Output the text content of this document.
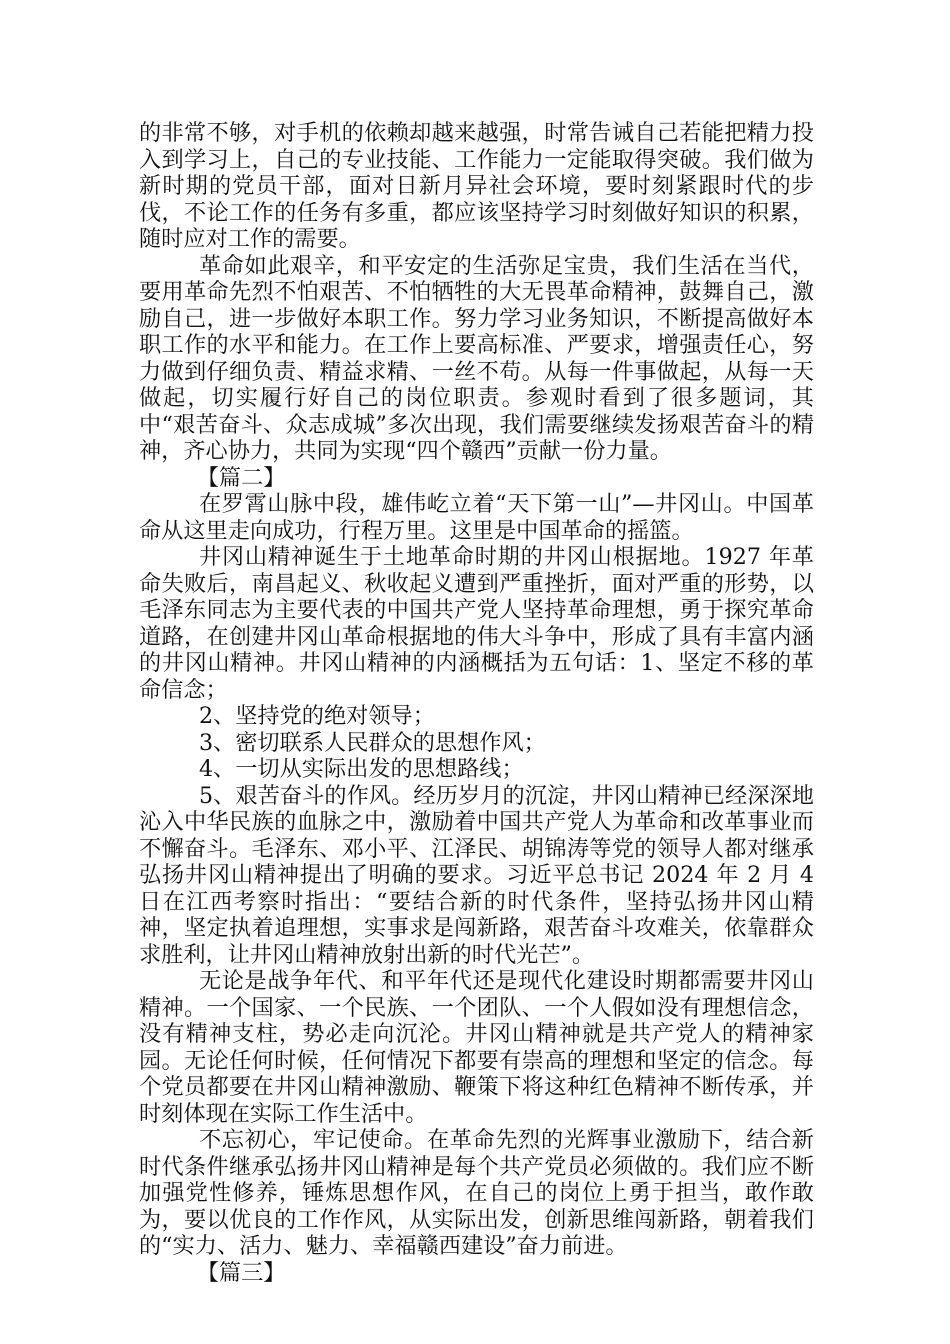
的非常不够，对手机的依赖却越来越强，时常告诫自己若能把精力投入到学习上，自己的专业技能、工作能力一定能取得突破。我们做为新时期的党员干部，面对日新月异社会环境，要时刻紧跟时代的步伐，不论工作的任务有多重，都应该坚持学习时刻做好知识的积累，随时应对工作的需要。

革命如此艰辛，和平安定的生活弥足宝贵，我们生活在当代，要用革命先烈不怕艰苦、不怕牺牲的大无畏革命精神，鼓舞自己，激励自己，进一步做好本职工作。努力学习业务知识，不断提高做好本职工作的水平和能力。在工作上要高标准、严要求，增强责任心，努力做到仔细负责、精益求精、一丝不苟。从每一件事做起，从每一天做起，切实履行好自己的岗位职责。参观时看到了很多题词，其中“艰苦奋斗、众志成城”多次出现，我们需要继续发扬艰苦奋斗的精神，齐心协力，共同为实现“四个赣西”贡献一份力量。

【篇二】

在罗霄山脉中段，雄伟屹立着“天下第一山”—井冈山。中国革命从这里走向成功，行程万里。这里是中国革命的摇篮。

井冈山精神诞生于土地革命时期的井冈山根据地。1927 年革命失败后，南昌起义、秋收起义遭到严重挫折，面对严重的形势，以毛泽东同志为主要代表的中国共产党人坚持革命理想，勇于探究革命道路，在创建井冈山革命根据地的伟大斗争中，形成了具有丰富内涵的井冈山精神。井冈山精神的内涵概括为五句话：1、坚定不移的革命信念；

2、坚持党的绝对领导；

3、密切联系人民群众的思想作风；

4、一切从实际出发的思想路线；

5、艰苦奋斗的作风。经历岁月的沉淀，井冈山精神已经深深地沁入中华民族的血脉之中，激励着中国共产党人为革命和改革事业而不懈奋斗。毛泽东、邓小平、江泽民、胡锦涛等党的领导人都对继承弘扬井冈山精神提出了明确的要求。习近平总书记 2024 年 2 月 4 日在江西考察时指出：“要结合新的时代条件，坚持弘扬井冈山精神，坚定执着追理想，实事求是闯新路，艰苦奋斗攻难关，依靠群众求胜利，让井冈山精神放射出新的时代光芒”。

无论是战争年代、和平年代还是现代化建设时期都需要井冈山精神。一个国家、一个民族、一个团队、一个人假如没有理想信念，没有精神支柱，势必走向沉沦。井冈山精神就是共产党人的精神家园。无论任何时候，任何情况下都要有崇高的理想和坚定的信念。每个党员都要在井冈山精神激励、鞭策下将这种红色精神不断传承，并时刻体现在实际工作生活中。

不忘初心，牢记使命。在革命先烈的光辉事业激励下，结合新时代条件继承弘扬井冈山精神是每个共产党员必须做的。我们应不断加强党性修养，锤炼思想作风，在自己的岗位上勇于担当，敢作敢为，要以优良的工作作风，从实际出发，创新思维闯新路，朝着我们的“实力、活力、魅力、幸福赣西建设”奋力前进。

【篇三】
